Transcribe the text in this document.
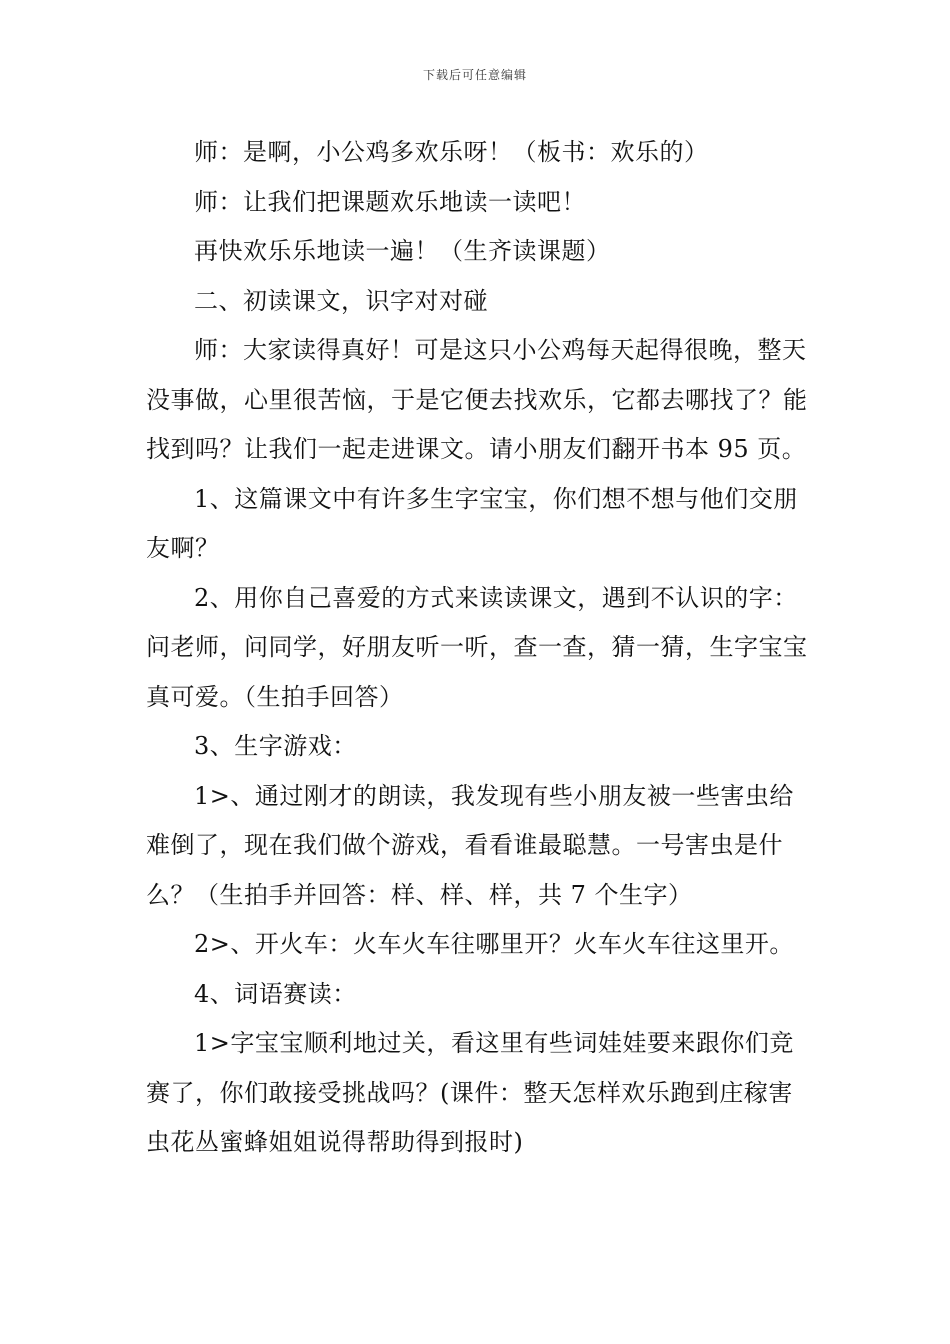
下载后可任意编辑

师：是啊，小公鸡多欢乐呀！（板书：欢乐的）

师：让我们把课题欢乐地读一读吧！

再快欢乐乐地读一遍！（生齐读课题）

二、初读课文，识字对对碰

师：大家读得真好！可是这只小公鸡每天起得很晚，整天没事做，心里很苦恼，于是它便去找欢乐，它都去哪找了？能找到吗？让我们一起走进课文。请小朋友们翻开书本 95 页。

1、这篇课文中有许多生字宝宝，你们想不想与他们交朋友啊？

2、用你自己喜爱的方式来读读课文，遇到不认识的字：问老师，问同学，好朋友听一听，查一查，猜一猜，生字宝宝真可爱。（生拍手回答）

3、生字游戏：

1>、通过刚才的朗读，我发现有些小朋友被一些害虫给难倒了，现在我们做个游戏，看看谁最聪慧。一号害虫是什么？（生拍手并回答：样、样、样，共 7 个生字）

2>、开火车：火车火车往哪里开？火车火车往这里开。

4、词语赛读：

1>字宝宝顺利地过关，看这里有些词娃娃要来跟你们竞赛了，你们敢接受挑战吗？(课件：整天怎样欢乐跑到庄稼害虫花丛蜜蜂姐姐说得帮助得到报时)
